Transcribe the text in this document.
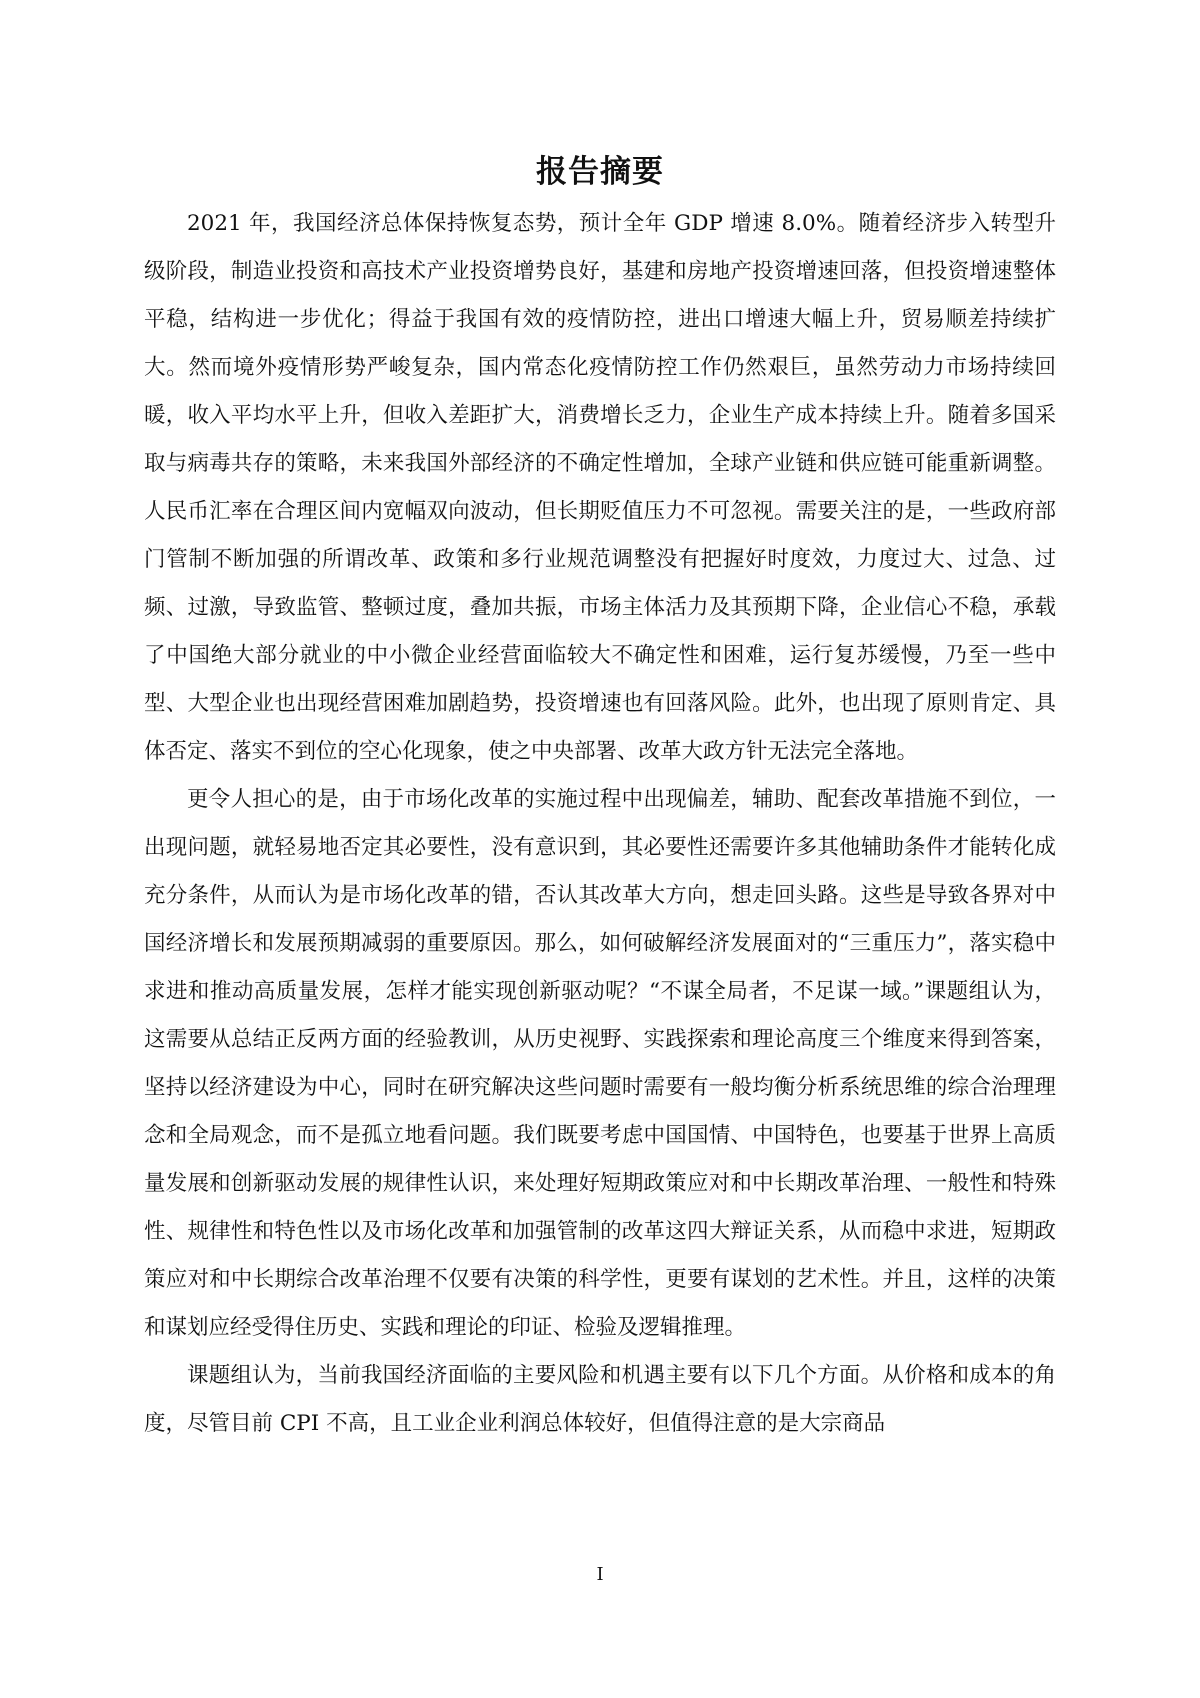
报告摘要

2021 年，我国经济总体保持恢复态势，预计全年 GDP 增速 8.0%。随着经济步入转型升级阶段，制造业投资和高技术产业投资增势良好，基建和房地产投资增速回落，但投资增速整体平稳，结构进一步优化；得益于我国有效的疫情防控，进出口增速大幅上升，贸易顺差持续扩大。然而境外疫情形势严峻复杂，国内常态化疫情防控工作仍然艰巨，虽然劳动力市场持续回暖，收入平均水平上升，但收入差距扩大，消费增长乏力，企业生产成本持续上升。随着多国采取与病毒共存的策略，未来我国外部经济的不确定性增加，全球产业链和供应链可能重新调整。人民币汇率在合理区间内宽幅双向波动，但长期贬值压力不可忽视。需要关注的是，一些政府部门管制不断加强的所谓改革、政策和多行业规范调整没有把握好时度效，力度过大、过急、过频、过激，导致监管、整顿过度，叠加共振，市场主体活力及其预期下降，企业信心不稳，承载了中国绝大部分就业的中小微企业经营面临较大不确定性和困难，运行复苏缓慢，乃至一些中型、大型企业也出现经营困难加剧趋势，投资增速也有回落风险。此外，也出现了原则肯定、具体否定、落实不到位的空心化现象，使之中央部署、改革大政方针无法完全落地。

更令人担心的是，由于市场化改革的实施过程中出现偏差，辅助、配套改革措施不到位，一出现问题，就轻易地否定其必要性，没有意识到，其必要性还需要许多其他辅助条件才能转化成充分条件，从而认为是市场化改革的错，否认其改革大方向，想走回头路。这些是导致各界对中国经济增长和发展预期减弱的重要原因。那么，如何破解经济发展面对的“三重压力”，落实稳中求进和推动高质量发展，怎样才能实现创新驱动呢？“不谋全局者，不足谋一域。”课题组认为，这需要从总结正反两方面的经验教训，从历史视野、实践探索和理论高度三个维度来得到答案，坚持以经济建设为中心，同时在研究解决这些问题时需要有一般均衡分析系统思维的综合治理理念和全局观念，而不是孤立地看问题。我们既要考虑中国国情、中国特色，也要基于世界上高质量发展和创新驱动发展的规律性认识，来处理好短期政策应对和中长期改革治理、一般性和特殊性、规律性和特色性以及市场化改革和加强管制的改革这四大辩证关系，从而稳中求进，短期政策应对和中长期综合改革治理不仅要有决策的科学性，更要有谋划的艺术性。并且，这样的决策和谋划应经受得住历史、实践和理论的印证、检验及逻辑推理。

课题组认为，当前我国经济面临的主要风险和机遇主要有以下几个方面。从价格和成本的角度，尽管目前 CPI 不高，且工业企业利润总体较好，但值得注意的是大宗商品

I
